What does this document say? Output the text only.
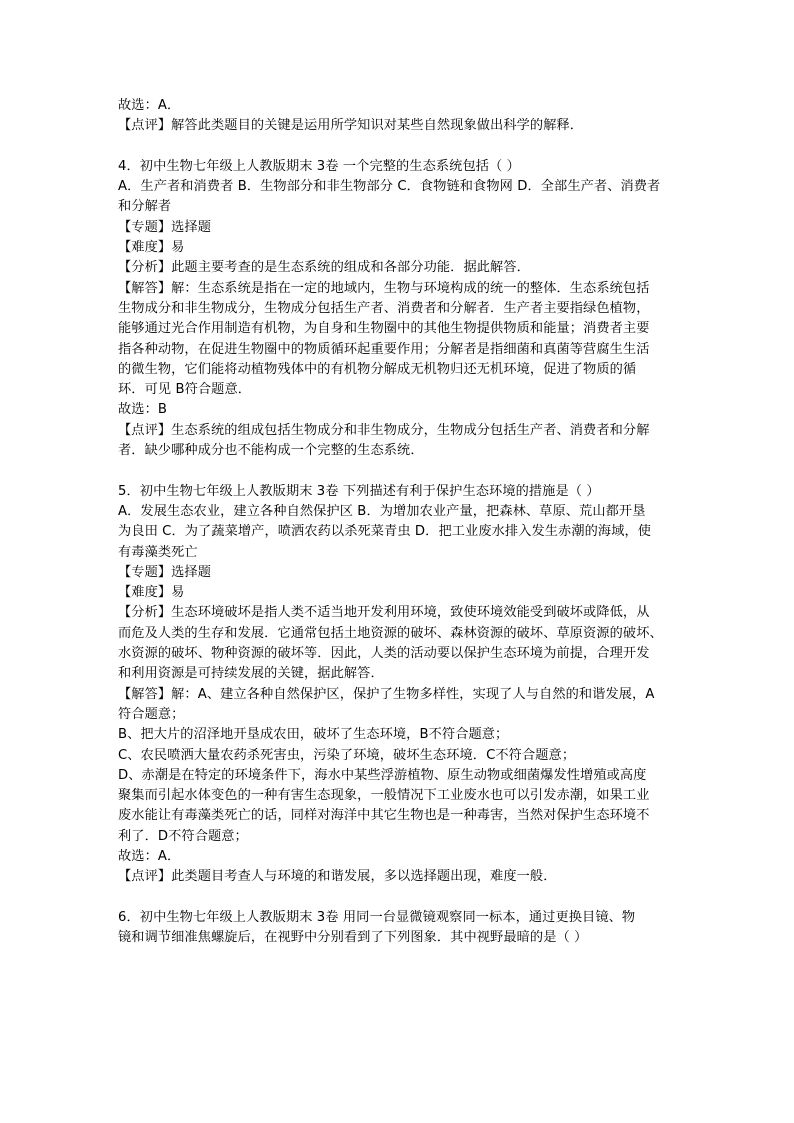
故选：A．
【点评】解答此类题目的关键是运用所学知识对某些自然现象做出科学的解释．
4．初中生物七年级上人教版期末 3卷 一个完整的生态系统包括（ ）
A．生产者和消费者 B．生物部分和非生物部分 C．食物链和食物网 D．全部生产者、消费者
和分解者
【专题】选择题
【难度】易
【分析】此题主要考查的是生态系统的组成和各部分功能．据此解答．
【解答】解：生态系统是指在一定的地域内，生物与环境构成的统一的整体．生态系统包括
生物成分和非生物成分，生物成分包括生产者、消费者和分解者．生产者主要指绿色植物，
能够通过光合作用制造有机物，为自身和生物圈中的其他生物提供物质和能量；消费者主要
指各种动物，在促进生物圈中的物质循环起重要作用；分解者是指细菌和真菌等营腐生生活
的微生物，它们能将动植物残体中的有机物分解成无机物归还无机环境，促进了物质的循
环．可见 B符合题意．
故选：B
【点评】生态系统的组成包括生物成分和非生物成分，生物成分包括生产者、消费者和分解
者．缺少哪种成分也不能构成一个完整的生态系统．
5．初中生物七年级上人教版期末 3卷 下列描述有利于保护生态环境的措施是（ ）
A．发展生态农业，建立各种自然保护区 B．为增加农业产量，把森林、草原、荒山都开垦
为良田 C．为了蔬菜增产，喷洒农药以杀死菜青虫 D．把工业废水排入发生赤潮的海域，使
有毒藻类死亡
【专题】选择题
【难度】易
【分析】生态环境破坏是指人类不适当地开发利用环境，致使环境效能受到破坏或降低，从
而危及人类的生存和发展．它通常包括土地资源的破坏、森林资源的破坏、草原资源的破坏、
水资源的破坏、物种资源的破坏等．因此，人类的活动要以保护生态环境为前提，合理开发
和利用资源是可持续发展的关键，据此解答．
【解答】解：A、建立各种自然保护区，保护了生物多样性，实现了人与自然的和谐发展，A
符合题意；
B、把大片的沼泽地开垦成农田，破坏了生态环境，B不符合题意；
C、农民喷洒大量农药杀死害虫，污染了环境，破坏生态环境．C不符合题意；
D、赤潮是在特定的环境条件下，海水中某些浮游植物、原生动物或细菌爆发性增殖或高度
聚集而引起水体变色的一种有害生态现象，一般情况下工业废水也可以引发赤潮，如果工业
废水能让有毒藻类死亡的话，同样对海洋中其它生物也是一种毒害，当然对保护生态环境不
利了．D不符合题意；
故选：A．
【点评】此类题目考查人与环境的和谐发展，多以选择题出现，难度一般．
6．初中生物七年级上人教版期末 3卷 用同一台显微镜观察同一标本，通过更换目镜、物
镜和调节细准焦螺旋后，在视野中分别看到了下列图象．其中视野最暗的是（ ）
